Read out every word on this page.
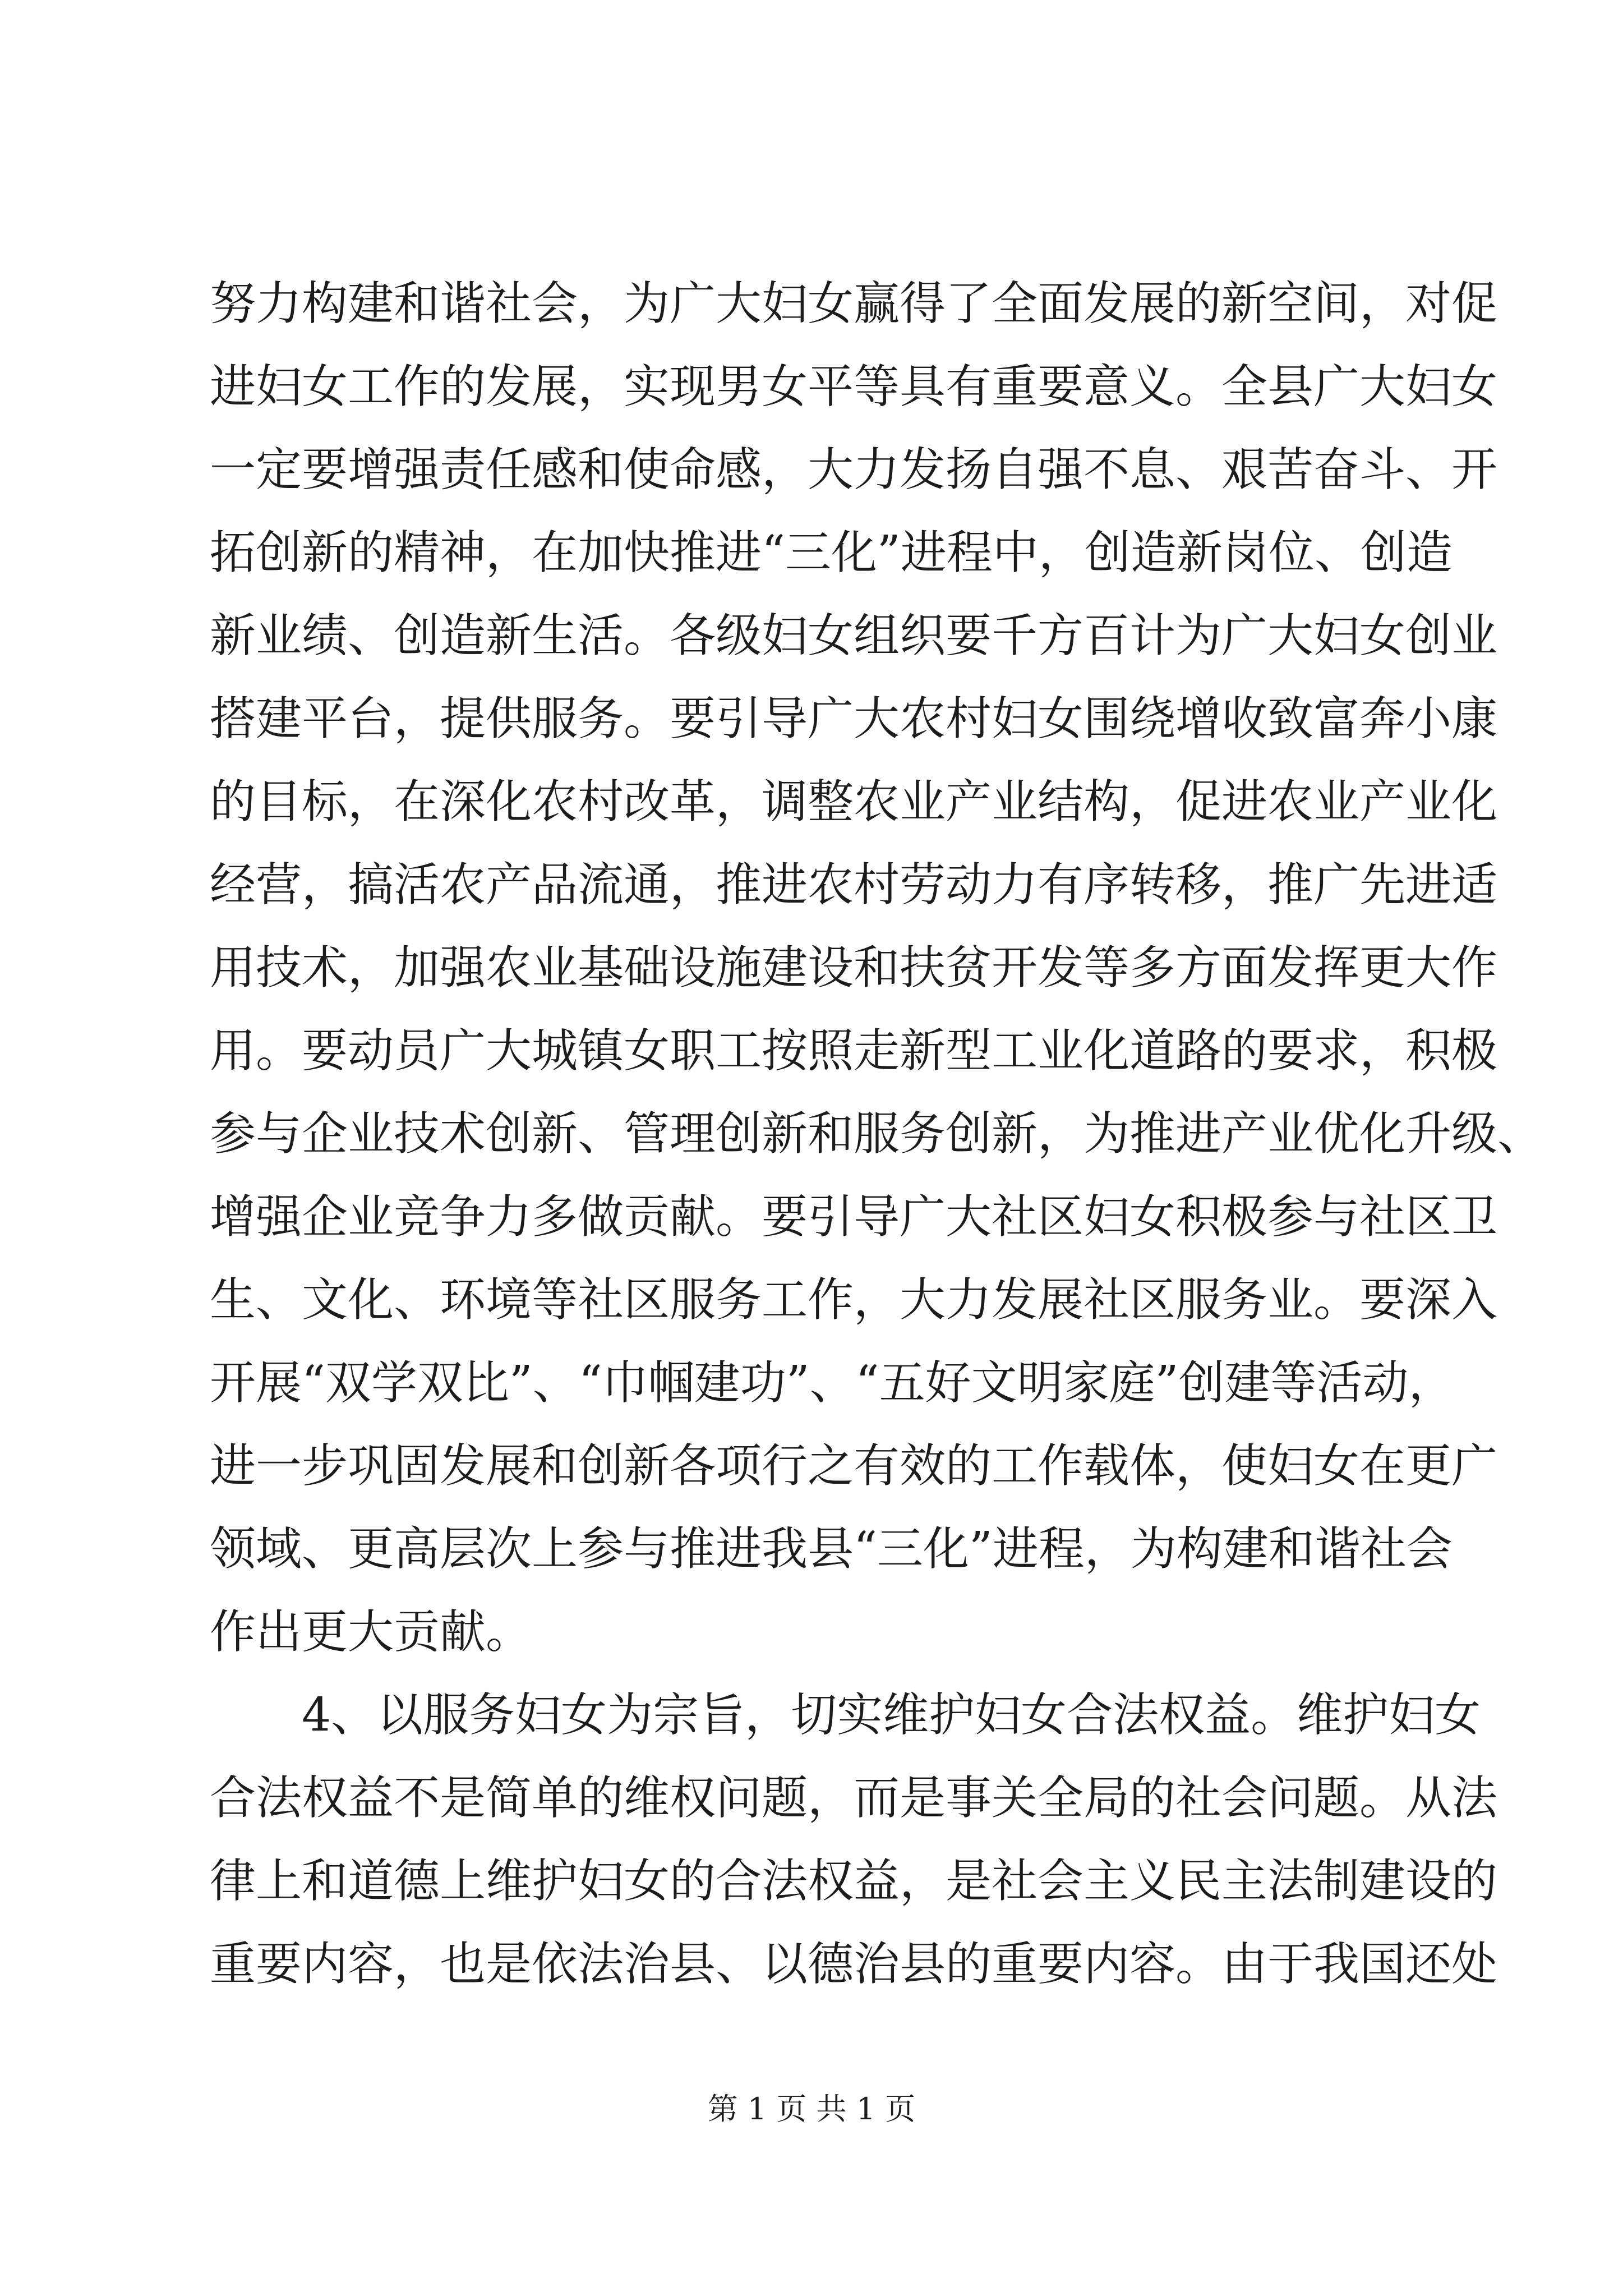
努力构建和谐社会，为广大妇女赢得了全面发展的新空间，对促
进妇女工作的发展，实现男女平等具有重要意义。全县广大妇女
一定要增强责任感和使命感，大力发扬自强不息、艰苦奋斗、开
拓创新的精神，在加快推进“三化”进程中，创造新岗位、创造
新业绩、创造新生活。各级妇女组织要千方百计为广大妇女创业
搭建平台，提供服务。要引导广大农村妇女围绕增收致富奔小康
的目标，在深化农村改革，调整农业产业结构，促进农业产业化
经营，搞活农产品流通，推进农村劳动力有序转移，推广先进适
用技术，加强农业基础设施建设和扶贫开发等多方面发挥更大作
用。要动员广大城镇女职工按照走新型工业化道路的要求，积极
参与企业技术创新、管理创新和服务创新，为推进产业优化升级、
增强企业竞争力多做贡献。要引导广大社区妇女积极参与社区卫
生、文化、环境等社区服务工作，大力发展社区服务业。要深入
开展“双学双比”、“巾帼建功”、“五好文明家庭”创建等活动，
进一步巩固发展和创新各项行之有效的工作载体，使妇女在更广
领域、更高层次上参与推进我县“三化”进程，为构建和谐社会
作出更大贡献。
4、以服务妇女为宗旨，切实维护妇女合法权益。维护妇女
合法权益不是简单的维权问题，而是事关全局的社会问题。从法
律上和道德上维护妇女的合法权益，是社会主义民主法制建设的
重要内容，也是依法治县、以德治县的重要内容。由于我国还处
第 1 页 共 1 页
